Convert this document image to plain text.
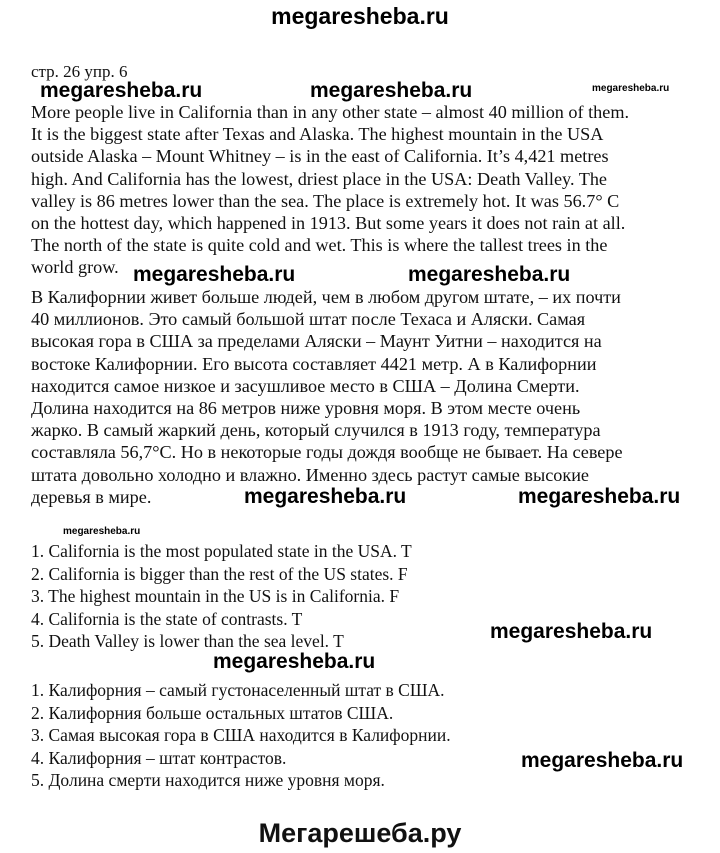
megaresheba.ru
стр. 26 упр. 6
More people live in California than in any other state – almost 40 million of them.
It is the biggest state after Texas and Alaska. The highest mountain in the USA
outside Alaska – Mount Whitney – is in the east of California. It’s 4,421 metres
high. And California has the lowest, driest place in the USA: Death Valley. The
valley is 86 metres lower than the sea. The place is extremely hot. It was 56.7° C
on the hottest day, which happened in 1913. But some years it does not rain at all.
The north of the state is quite cold and wet. This is where the tallest trees in the
world grow.
В Калифорнии живет больше людей, чем в любом другом штате, – их почти
40 миллионов. Это самый большой штат после Техаса и Аляски. Самая
высокая гора в США за пределами Аляски – Маунт Уитни – находится на
востоке Калифорнии. Его высота составляет 4421 метр. А в Калифорнии
находится самое низкое и засушливое место в США – Долина Смерти.
Долина находится на 86 метров ниже уровня моря. В этом месте очень
жарко. В самый жаркий день, который случился в 1913 году, температура
составляла 56,7°С. Но в некоторые годы дождя вообще не бывает. На севере
штата довольно холодно и влажно. Именно здесь растут самые высокие
деревья в мире.
1. California is the most populated state in the USA. T
2. California is bigger than the rest of the US states. F
3. The highest mountain in the US is in California. F
4. California is the state of contrasts. T
5. Death Valley is lower than the sea level. T
1. Калифорния – самый густонаселенный штат в США.
2. Калифорния больше остальных штатов США.
3. Самая высокая гора в США находится в Калифорнии.
4. Калифорния – штат контрастов.
5. Долина смерти находится ниже уровня моря.
megaresheba.ru	megaresheba.ru	megaresheba.ru
megaresheba.ru	megaresheba.ru
megaresheba.ru	megaresheba.ru
megaresheba.ru
megaresheba.ru
megaresheba.ru
megaresheba.ru
Мегарешеба.ру
